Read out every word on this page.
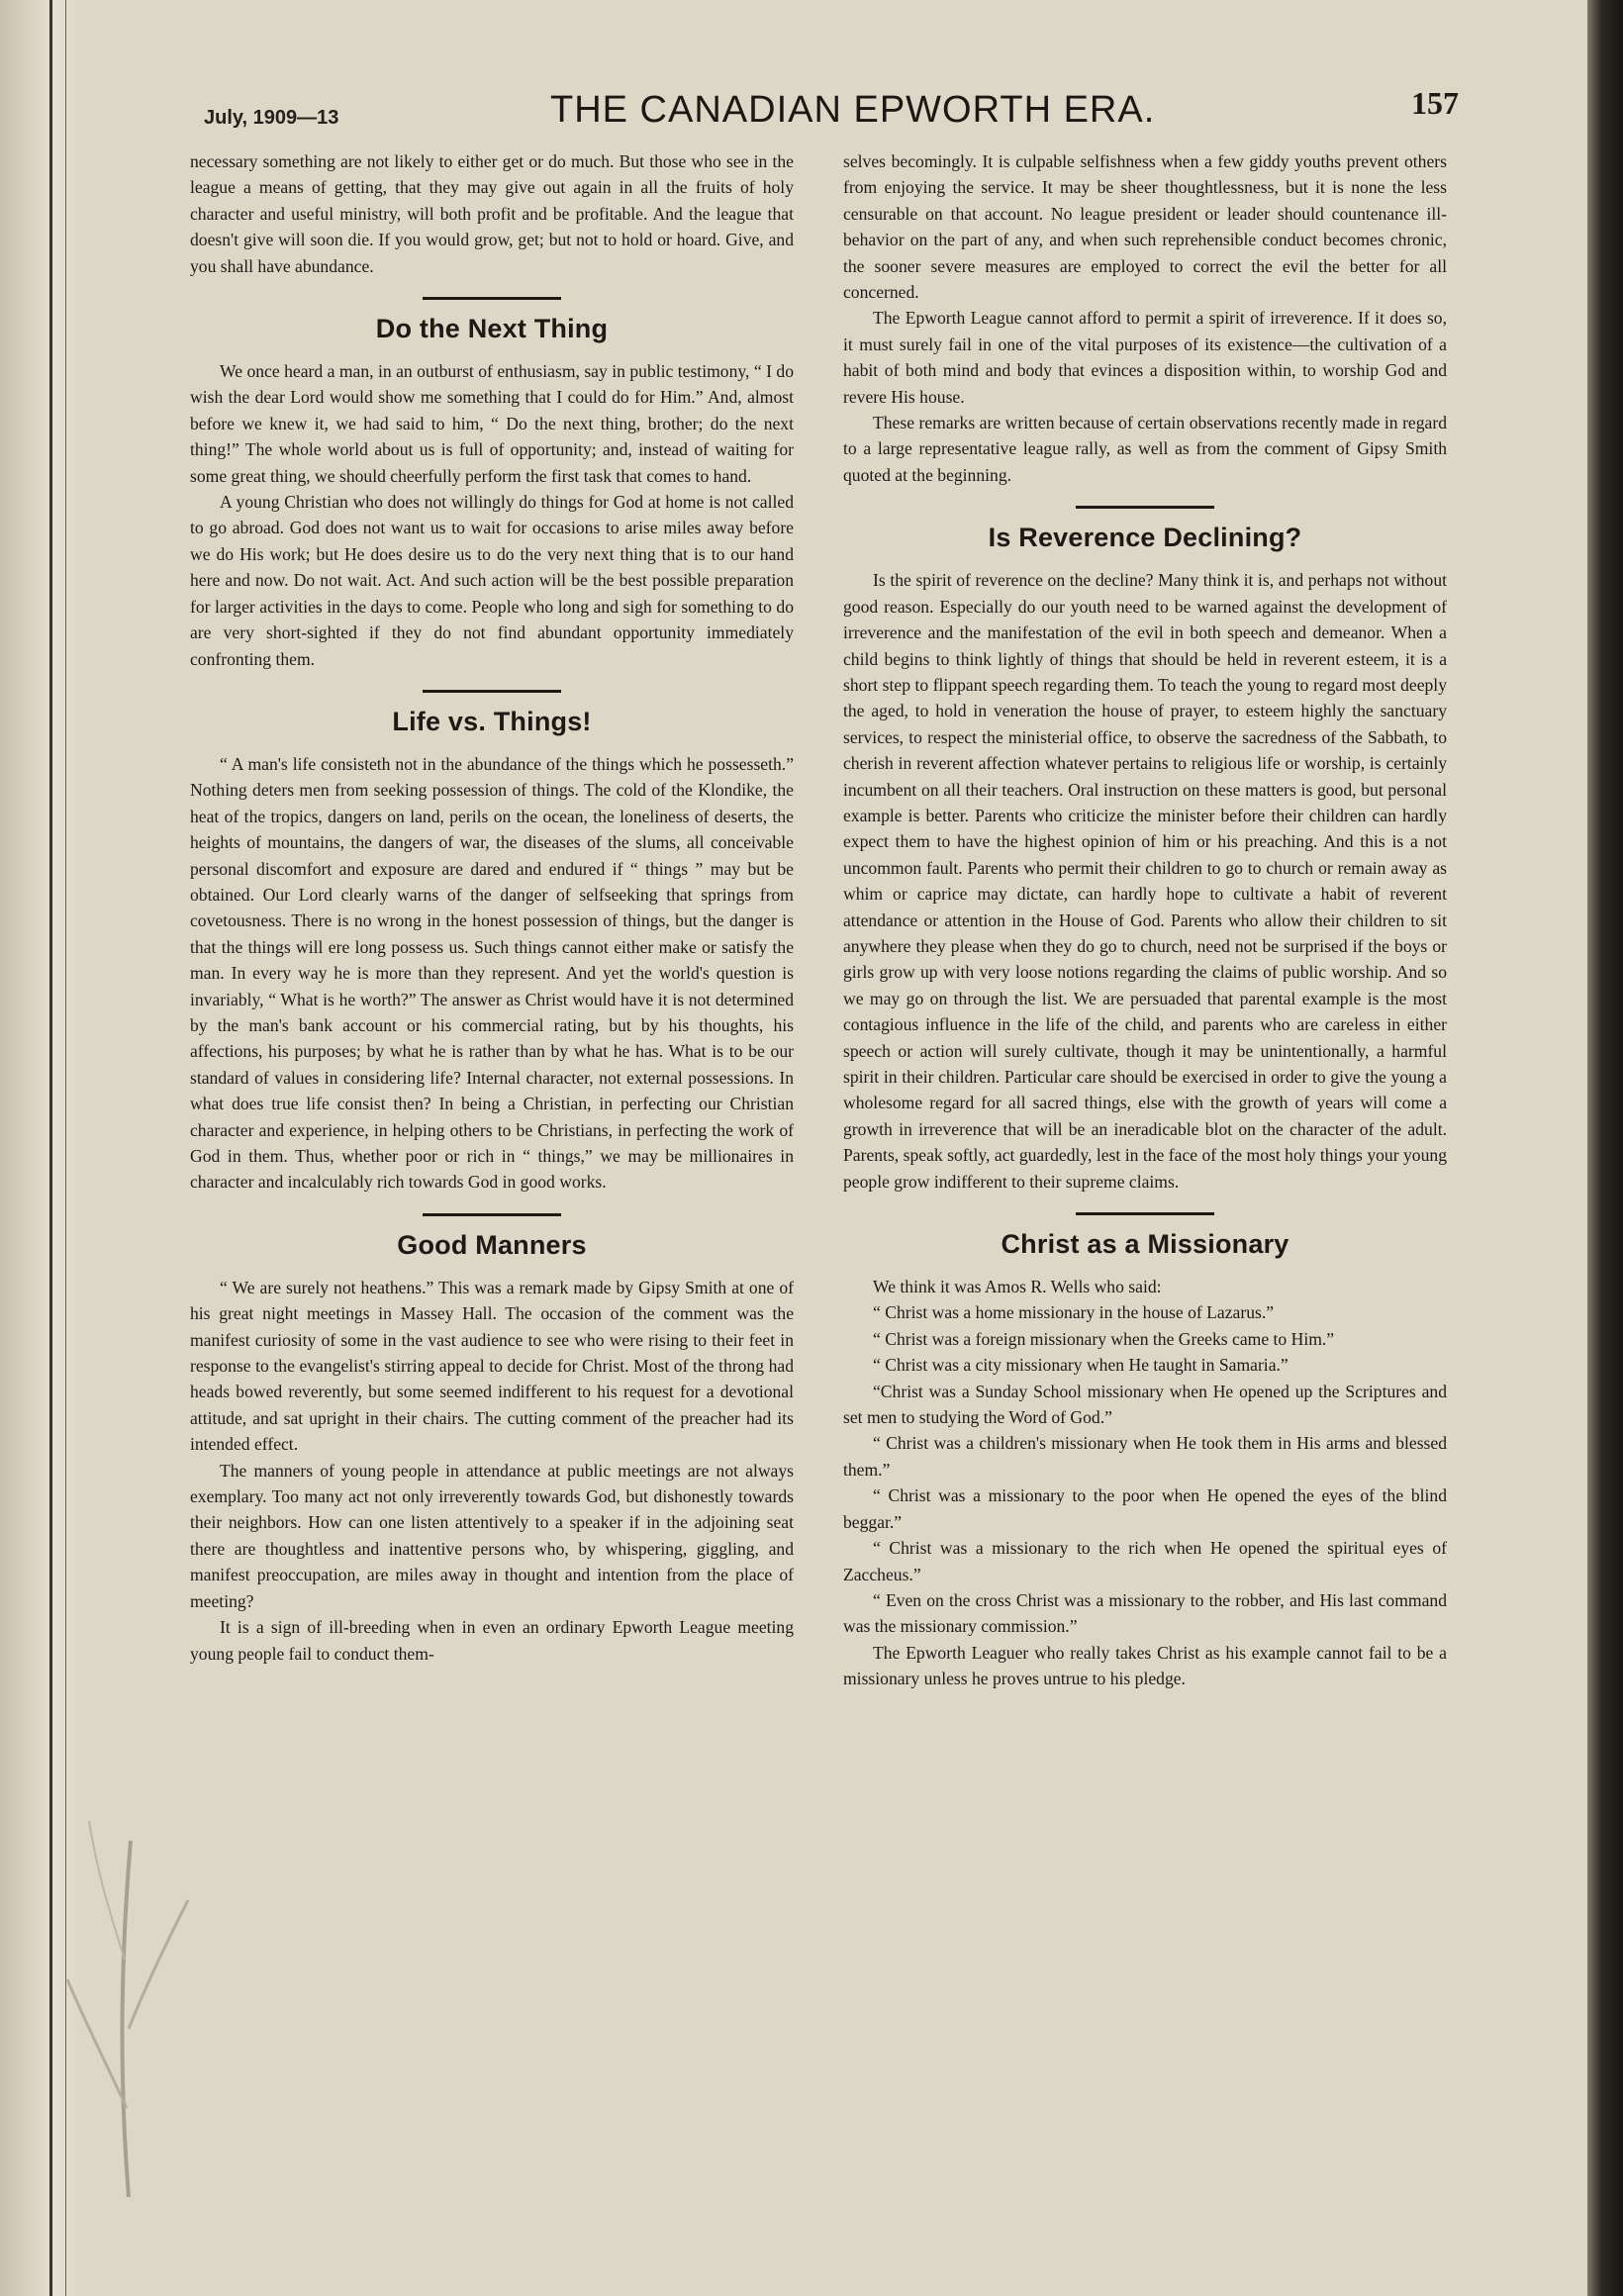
July, 1909—13	THE CANADIAN EPWORTH ERA.	157

necessary something are not likely to either get or do much. But those who see in the league a means of getting, that they may give out again in all the fruits of holy character and useful ministry, will both profit and be profitable. And the league that doesn't give will soon die. If you would grow, get; but not to hold or hoard. Give, and you shall have abundance.

Do the Next Thing

We once heard a man, in an outburst of enthusiasm, say in public testimony, “ I do wish the dear Lord would show me something that I could do for Him.” And, almost before we knew it, we had said to him, “ Do the next thing, brother; do the next thing!” The whole world about us is full of opportunity; and, instead of waiting for some great thing, we should cheerfully perform the first task that comes to hand.

A young Christian who does not willingly do things for God at home is not called to go abroad. God does not want us to wait for occasions to arise miles away before we do His work; but He does desire us to do the very next thing that is to our hand here and now. Do not wait. Act. And such action will be the best possible preparation for larger activities in the days to come. People who long and sigh for something to do are very short-sighted if they do not find abundant opportunity immediately confronting them.

Life vs. Things!

“ A man's life consisteth not in the abundance of the things which he possesseth.” Nothing deters men from seeking possession of things. The cold of the Klondike, the heat of the tropics, dangers on land, perils on the ocean, the loneliness of deserts, the heights of mountains, the dangers of war, the diseases of the slums, all conceivable personal discomfort and exposure are dared and endured if “ things ” may but be obtained. Our Lord clearly warns of the danger of selfseeking that springs from covetousness. There is no wrong in the honest possession of things, but the danger is that the things will ere long possess us. Such things cannot either make or satisfy the man. In every way he is more than they represent. And yet the world's question is invariably, “ What is he worth?” The answer as Christ would have it is not determined by the man's bank account or his commercial rating, but by his thoughts, his affections, his purposes; by what he is rather than by what he has. What is to be our standard of values in considering life? Internal character, not external possessions. In what does true life consist then? In being a Christian, in perfecting our Christian character and experience, in helping others to be Christians, in perfecting the work of God in them. Thus, whether poor or rich in “ things,” we may be millionaires in character and incalculably rich towards God in good works.

Good Manners

“ We are surely not heathens.” This was a remark made by Gipsy Smith at one of his great night meetings in Massey Hall. The occasion of the comment was the manifest curiosity of some in the vast audience to see who were rising to their feet in response to the evangelist's stirring appeal to decide for Christ. Most of the throng had heads bowed reverently, but some seemed indifferent to his request for a devotional attitude, and sat upright in their chairs. The cutting comment of the preacher had its intended effect.

The manners of young people in attendance at public meetings are not always exemplary. Too many act not only irreverently towards God, but dishonestly towards their neighbors. How can one listen attentively to a speaker if in the adjoining seat there are thoughtless and inattentive persons who, by whispering, giggling, and manifest preoccupation, are miles away in thought and intention from the place of meeting?

It is a sign of ill-breeding when in even an ordinary Epworth League meeting young people fail to conduct them-

selves becomingly. It is culpable selfishness when a few giddy youths prevent others from enjoying the service. It may be sheer thoughtlessness, but it is none the less censurable on that account. No league president or leader should countenance ill-behavior on the part of any, and when such reprehensible conduct becomes chronic, the sooner severe measures are employed to correct the evil the better for all concerned.

The Epworth League cannot afford to permit a spirit of irreverence. If it does so, it must surely fail in one of the vital purposes of its existence—the cultivation of a habit of both mind and body that evinces a disposition within, to worship God and revere His house.

These remarks are written because of certain observations recently made in regard to a large representative league rally, as well as from the comment of Gipsy Smith quoted at the beginning.

Is Reverence Declining?

Is the spirit of reverence on the decline? Many think it is, and perhaps not without good reason. Especially do our youth need to be warned against the development of irreverence and the manifestation of the evil in both speech and demeanor. When a child begins to think lightly of things that should be held in reverent esteem, it is a short step to flippant speech regarding them. To teach the young to regard most deeply the aged, to hold in veneration the house of prayer, to esteem highly the sanctuary services, to respect the ministerial office, to observe the sacredness of the Sabbath, to cherish in reverent affection whatever pertains to religious life or worship, is certainly incumbent on all their teachers. Oral instruction on these matters is good, but personal example is better. Parents who criticize the minister before their children can hardly expect them to have the highest opinion of him or his preaching. And this is a not uncommon fault. Parents who permit their children to go to church or remain away as whim or caprice may dictate, can hardly hope to cultivate a habit of reverent attendance or attention in the House of God. Parents who allow their children to sit anywhere they please when they do go to church, need not be surprised if the boys or girls grow up with very loose notions regarding the claims of public worship. And so we may go on through the list. We are persuaded that parental example is the most contagious influence in the life of the child, and parents who are careless in either speech or action will surely cultivate, though it may be unintentionally, a harmful spirit in their children. Particular care should be exercised in order to give the young a wholesome regard for all sacred things, else with the growth of years will come a growth in irreverence that will be an ineradicable blot on the character of the adult. Parents, speak softly, act guardedly, lest in the face of the most holy things your young people grow indifferent to their supreme claims.

Christ as a Missionary

We think it was Amos R. Wells who said:

“ Christ was a home missionary in the house of Lazarus.”

“ Christ was a foreign missionary when the Greeks came to Him.”

“ Christ was a city missionary when He taught in Samaria.”

“Christ was a Sunday School missionary when He opened up the Scriptures and set men to studying the Word of God.”

“ Christ was a children's missionary when He took them in His arms and blessed them.”

“ Christ was a missionary to the poor when He opened the eyes of the blind beggar.”

“ Christ was a missionary to the rich when He opened the spiritual eyes of Zaccheus.”

“ Even on the cross Christ was a missionary to the robber, and His last command was the missionary commission.”

The Epworth Leaguer who really takes Christ as his example cannot fail to be a missionary unless he proves untrue to his pledge.
